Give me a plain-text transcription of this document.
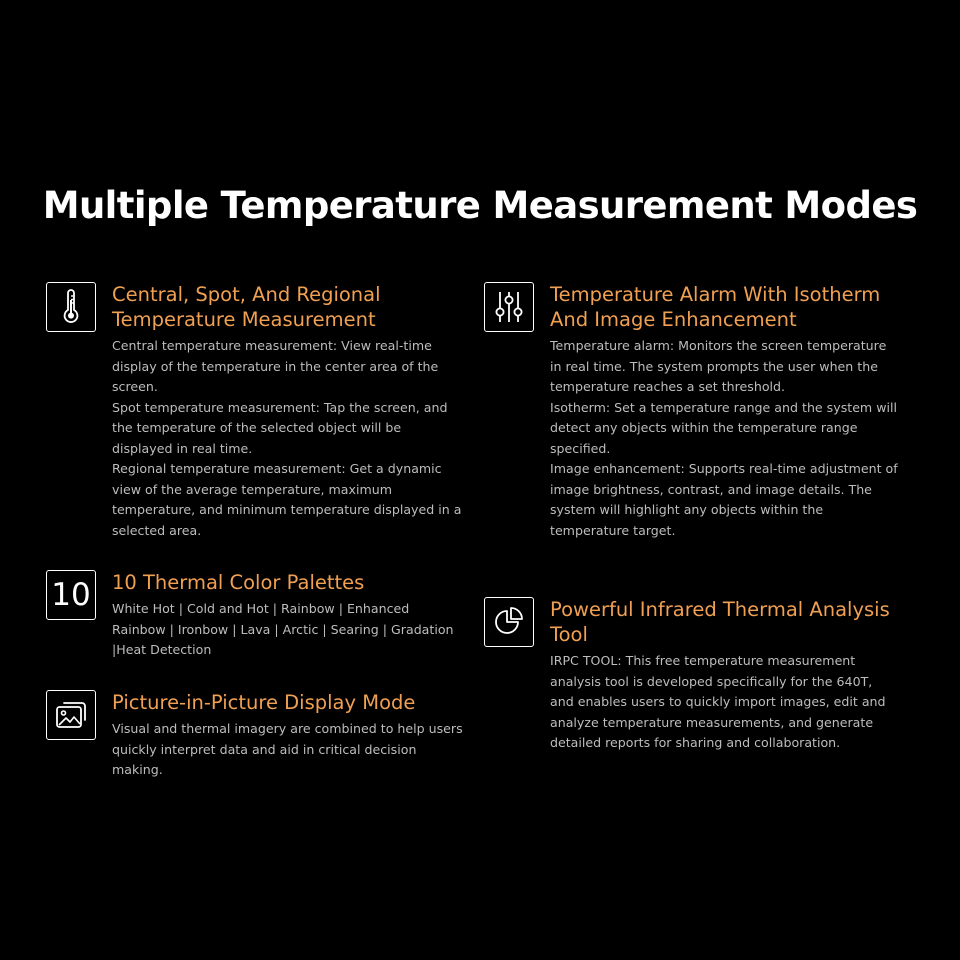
Multiple Temperature Measurement Modes
Central, Spot, And Regional
Temperature Measurement

Central temperature measurement: View real-time
display of the temperature in the center area of the
screen.
Spot temperature measurement: Tap the screen, and
the temperature of the selected object will be
displayed in real time.
Regional temperature measurement: Get a dynamic
view of the average temperature, maximum
temperature, and minimum temperature displayed in a
selected area.

10 10 Thermal Color Palettes

White Hot | Cold and Hot | Rainbow | Enhanced
Rainbow | Ironbow | Lava | Arctic | Searing | Gradation
|Heat Detection

Picture-in-Picture Display Mode

Visual and thermal imagery are combined to help users
quickly interpret data and aid in critical decision
making.

Temperature Alarm With Isotherm
And Image Enhancement

Temperature alarm: Monitors the screen temperature
in real time. The system prompts the user when the
temperature reaches a set threshold.
Isotherm: Set a temperature range and the system will
detect any objects within the temperature range
specified.
Image enhancement: Supports real-time adjustment of
image brightness, contrast, and image details. The
system will highlight any objects within the
temperature target.

Powerful Infrared Thermal Analysis
Tool

IRPC TOOL: This free temperature measurement
analysis tool is developed specifically for the 640T,
and enables users to quickly import images, edit and
analyze temperature measurements, and generate
detailed reports for sharing and collaboration.
